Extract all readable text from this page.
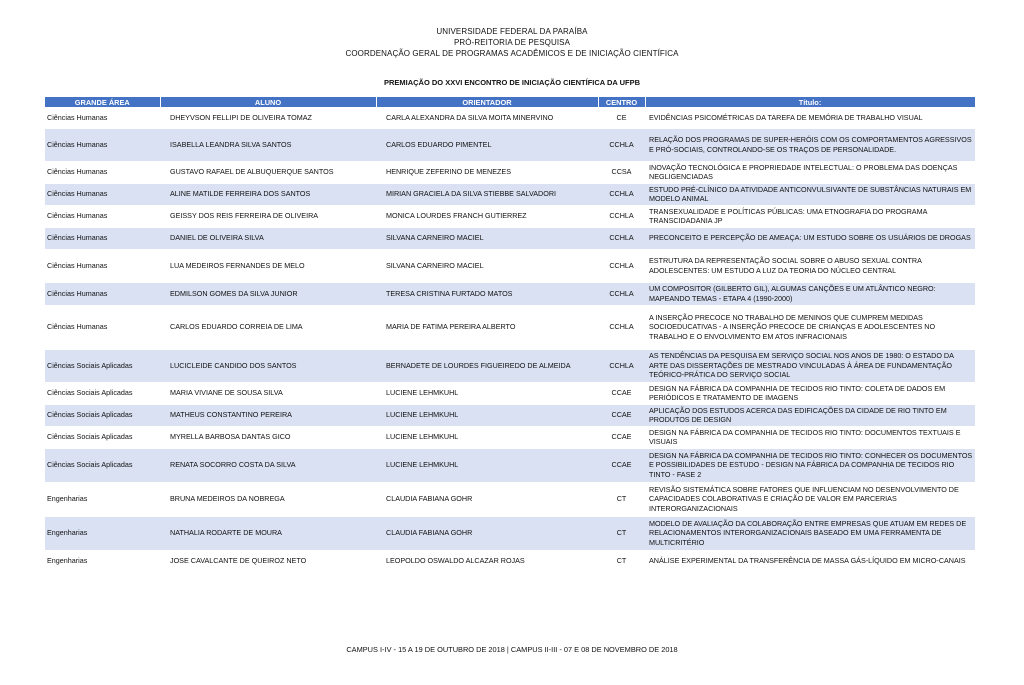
UNIVERSIDADE FEDERAL DA PARAÍBA
PRÓ-REITORIA DE PESQUISA
COORDENAÇÃO GERAL DE PROGRAMAS ACADÊMICOS E DE INICIAÇÃO CIENTÍFICA
PREMIAÇÃO DO XXVI ENCONTRO DE INICIAÇÃO CIENTÍFICA DA UFPB
GRANDE ÁREA	ALUNO	ORIENTADOR	CENTRO	Título:
Ciências Humanas	DHEYVSON FELLIPI DE OLIVEIRA TOMAZ	CARLA ALEXANDRA DA SILVA MOITA MINERVINO	CE	EVIDÊNCIAS PSICOMÉTRICAS DA TAREFA DE MEMÓRIA DE TRABALHO VISUAL
Ciências Humanas	ISABELLA LEANDRA SILVA SANTOS	CARLOS EDUARDO PIMENTEL	CCHLA	RELAÇÃO DOS PROGRAMAS DE SUPER-HERÓIS COM OS COMPORTAMENTOS AGRESSIVOS E PRÓ-SOCIAIS, CONTROLANDO-SE OS TRAÇOS DE PERSONALIDADE.
Ciências Humanas	GUSTAVO RAFAEL DE ALBUQUERQUE SANTOS	HENRIQUE ZEFERINO DE MENEZES	CCSA	INOVAÇÃO TECNOLÓGICA E PROPRIEDADE INTELECTUAL: O PROBLEMA DAS DOENÇAS NEGLIGENCIADAS
Ciências Humanas	ALINE MATILDE FERREIRA DOS SANTOS	MIRIAN GRACIELA DA SILVA STIEBBE SALVADORI	CCHLA	ESTUDO PRÉ-CLÍNICO DA ATIVIDADE ANTICONVULSIVANTE DE SUBSTÂNCIAS NATURAIS EM MODELO ANIMAL
Ciências Humanas	GEISSY DOS REIS FERREIRA DE OLIVEIRA	MONICA LOURDES FRANCH GUTIERREZ	CCHLA	TRANSEXUALIDADE E POLÍTICAS PÚBLICAS: UMA ETNOGRAFIA DO PROGRAMA TRANSCIDADANIA JP
Ciências Humanas	DANIEL DE OLIVEIRA SILVA	SILVANA CARNEIRO MACIEL	CCHLA	PRECONCEITO E PERCEPÇÃO DE AMEAÇA: UM ESTUDO SOBRE OS USUÁRIOS DE DROGAS
Ciências Humanas	LUA MEDEIROS FERNANDES DE MELO	SILVANA CARNEIRO MACIEL	CCHLA	ESTRUTURA DA REPRESENTAÇÃO SOCIAL SOBRE O ABUSO SEXUAL CONTRA ADOLESCENTES: UM ESTUDO A LUZ DA TEORIA DO NÚCLEO CENTRAL
Ciências Humanas	EDMILSON GOMES DA SILVA JUNIOR	TERESA CRISTINA FURTADO MATOS	CCHLA	UM COMPOSITOR (GILBERTO GIL), ALGUMAS CANÇÕES E UM ATLÂNTICO NEGRO: MAPEANDO TEMAS - ETAPA 4 (1990-2000)
Ciências Humanas	CARLOS EDUARDO CORREIA DE LIMA	MARIA DE FATIMA PEREIRA ALBERTO	CCHLA	A INSERÇÃO PRECOCE NO TRABALHO DE MENINOS QUE CUMPREM MEDIDAS SOCIOEDUCATIVAS - A INSERÇÃO PRECOCE DE CRIANÇAS E ADOLESCENTES NO TRABALHO E O ENVOLVIMENTO EM ATOS INFRACIONAIS
Ciências Sociais Aplicadas	LUCICLEIDE CANDIDO DOS SANTOS	BERNADETE DE LOURDES FIGUEIREDO DE ALMEIDA	CCHLA	AS TENDÊNCIAS DA PESQUISA EM SERVIÇO SOCIAL NOS ANOS DE 1980: O ESTADO DA ARTE DAS DISSERTAÇÕES DE MESTRADO VINCULADAS À ÁREA DE FUNDAMENTAÇÃO TEÓRICO-PRÁTICA DO SERVIÇO SOCIAL
Ciências Sociais Aplicadas	MARIA VIVIANE DE SOUSA SILVA	LUCIENE LEHMKUHL	CCAE	DESIGN NA FÁBRICA DA COMPANHIA DE TECIDOS RIO TINTO: COLETA DE DADOS EM PERIÓDICOS E TRATAMENTO DE IMAGENS
Ciências Sociais Aplicadas	MATHEUS CONSTANTINO PEREIRA	LUCIENE LEHMKUHL	CCAE	APLICAÇÃO DOS ESTUDOS ACERCA DAS EDIFICAÇÕES DA CIDADE DE RIO TINTO EM PRODUTOS DE DESIGN
Ciências Sociais Aplicadas	MYRELLA BARBOSA DANTAS GICO	LUCIENE LEHMKUHL	CCAE	DESIGN NA FÁBRICA DA COMPANHIA DE TECIDOS RIO TINTO: DOCUMENTOS TEXTUAIS E VISUAIS
Ciências Sociais Aplicadas	RENATA SOCORRO COSTA DA SILVA	LUCIENE LEHMKUHL	CCAE	DESIGN NA FÁBRICA DA COMPANHIA DE TECIDOS RIO TINTO: CONHECER OS DOCUMENTOS E POSSIBILIDADES DE ESTUDO - DESIGN NA FÁBRICA DA COMPANHIA DE TECIDOS RIO TINTO - FASE 2
Engenharias	BRUNA MEDEIROS DA NOBREGA	CLAUDIA FABIANA GOHR	CT	REVISÃO SISTEMÁTICA SOBRE FATORES QUE INFLUENCIAM NO DESENVOLVIMENTO DE CAPACIDADES COLABORATIVAS E CRIAÇÃO DE VALOR EM PARCERIAS INTERORGANIZACIONAIS
Engenharias	NATHALIA RODARTE DE MOURA	CLAUDIA FABIANA GOHR	CT	MODELO DE AVALIAÇÃO DA COLABORAÇÃO ENTRE EMPRESAS QUE ATUAM EM REDES DE RELACIONAMENTOS INTERORGANIZACIONAIS BASEADO EM UMA FERRAMENTA DE MULTICRITÉRIO
Engenharias	JOSE CAVALCANTE DE QUEIROZ NETO	LEOPOLDO OSWALDO ALCAZAR ROJAS	CT	ANÁLISE EXPERIMENTAL DA TRANSFERÊNCIA DE MASSA GÁS-LÍQUIDO EM MICRO-CANAIS
CAMPUS I-IV - 15 A 19 DE OUTUBRO DE 2018 | CAMPUS II-III - 07 E 08 DE NOVEMBRO DE 2018
